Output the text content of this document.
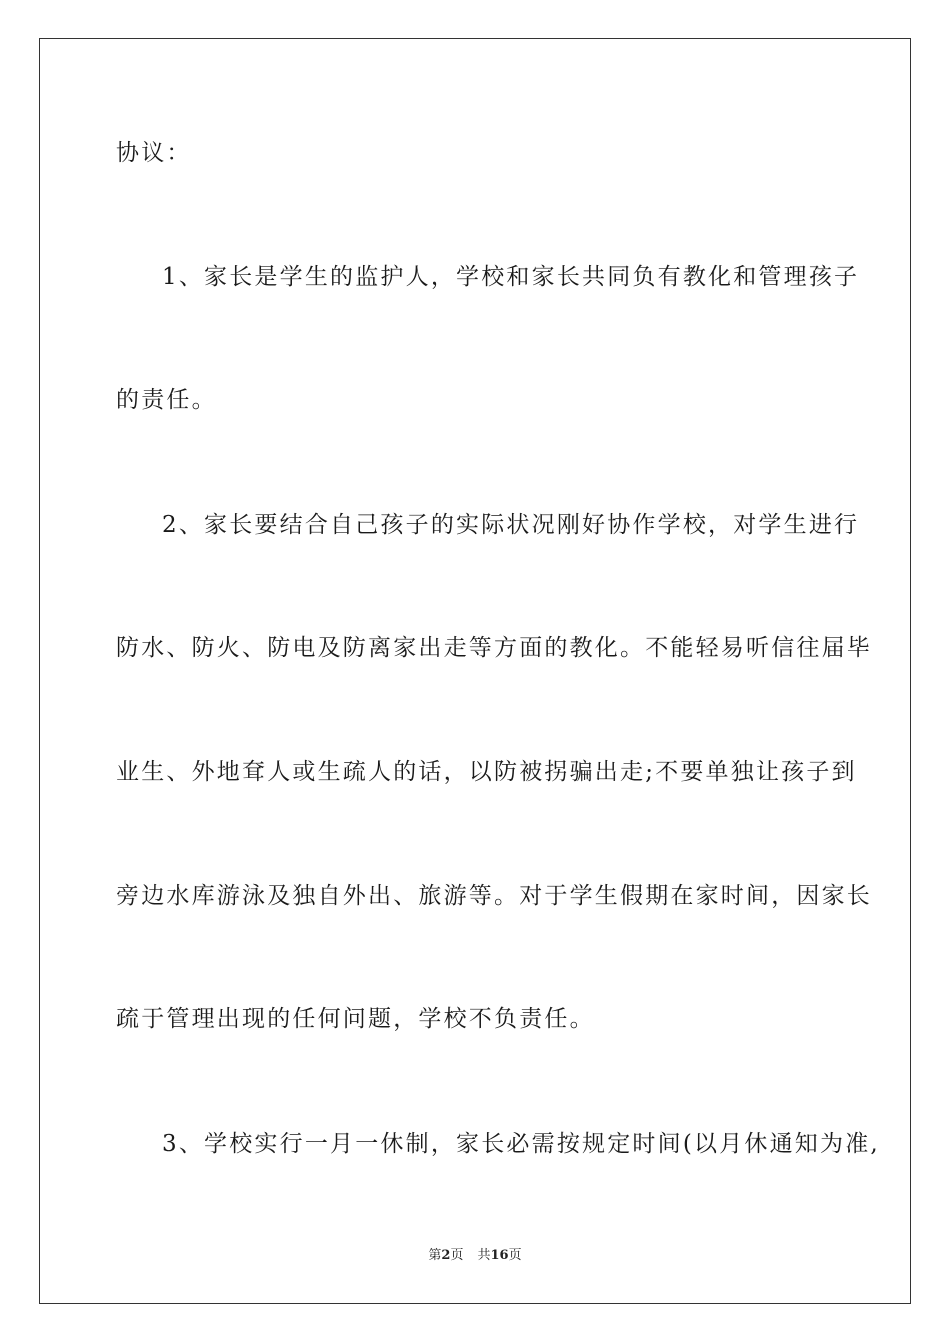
协议：
1、家长是学生的监护人，学校和家长共同负有教化和管理孩子
的责任。
2、家长要结合自己孩子的实际状况刚好协作学校，对学生进行
防水、防火、防电及防离家出走等方面的教化。不能轻易听信往届毕
业生、外地耷人或生疏人的话，以防被拐骗出走;不要单独让孩子到
旁边水库游泳及独自外出、旅游等。对于学生假期在家时间，因家长
疏于管理出现的任何问题，学校不负责任。
3、学校实行一月一休制，家长必需按规定时间(以月休通知为准,
第2页 共16页
